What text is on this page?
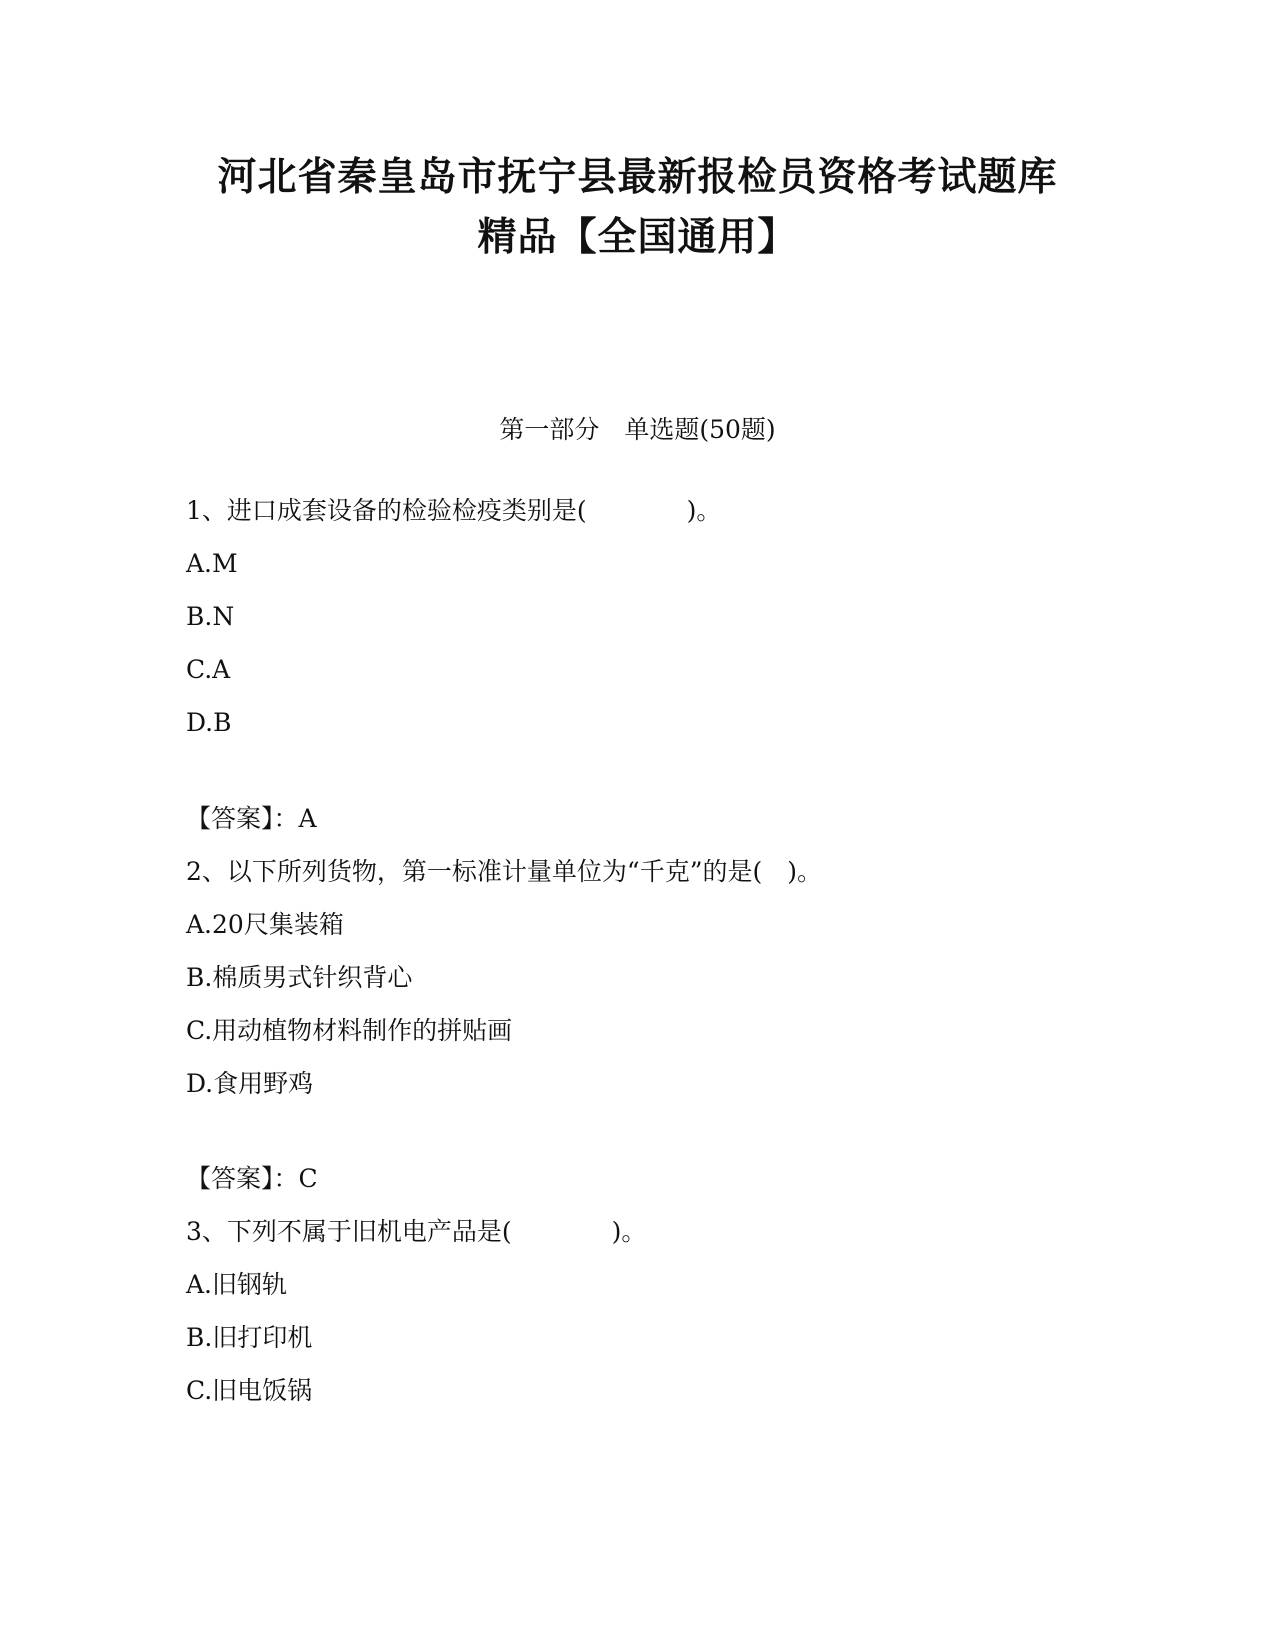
河北省秦皇岛市抚宁县最新报检员资格考试题库
精品【全国通用】
第一部分　单选题(50题)
1、进口成套设备的检验检疫类别是(　　　　)。
A.M
B.N
C.A
D.B
【答案】：A
2、以下所列货物，第一标准计量单位为“千克”的是(　)。
A.20尺集装箱
B.棉质男式针织背心
C.用动植物材料制作的拼贴画
D.食用野鸡
【答案】：C
3、下列不属于旧机电产品是(　　　　)。
A.旧钢轨
B.旧打印机
C.旧电饭锅
